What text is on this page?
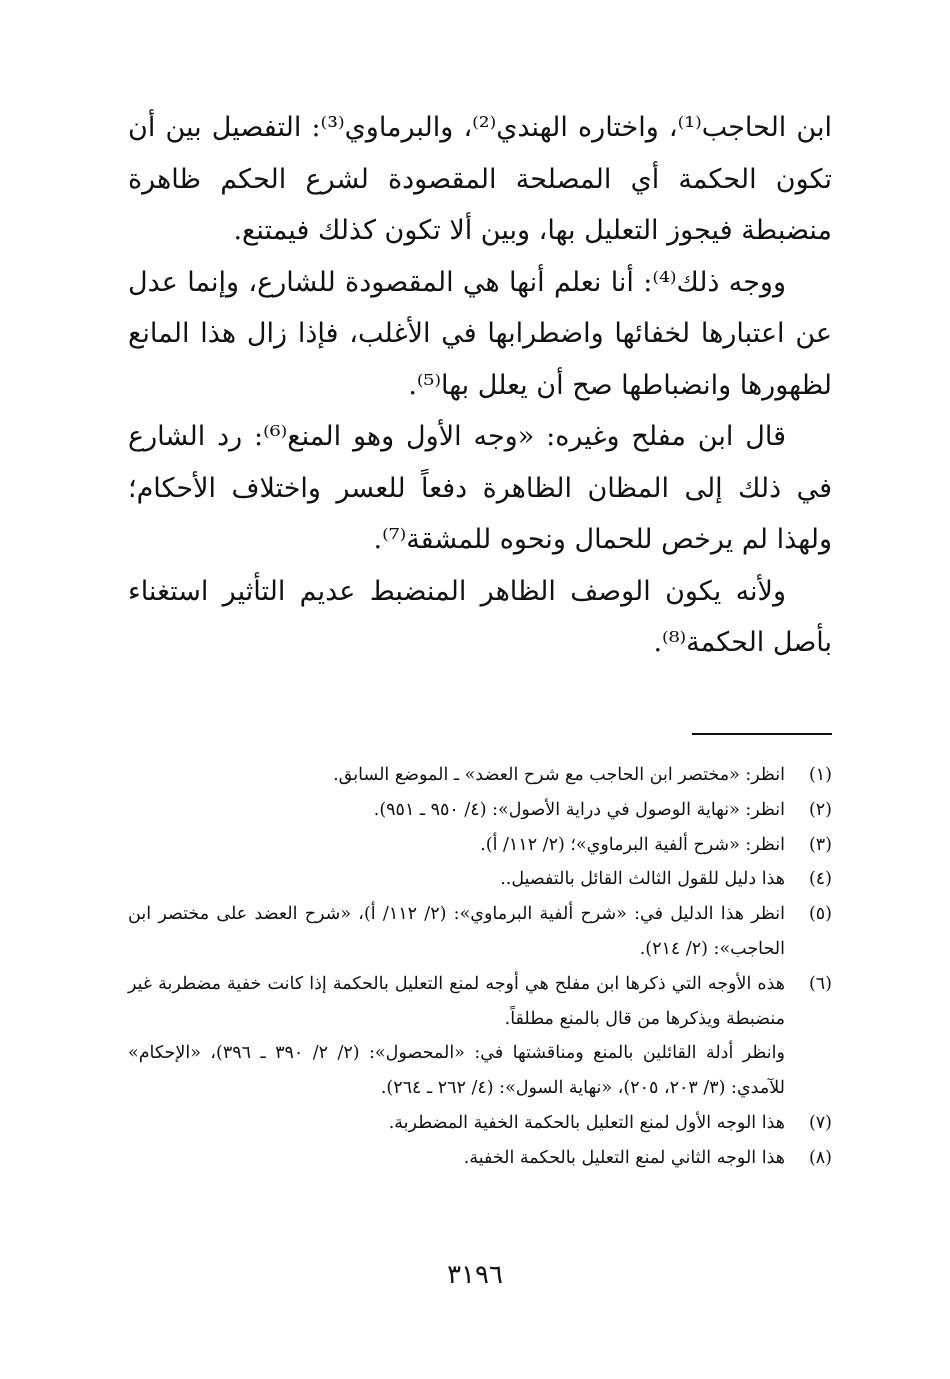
ابن الحاجب⁽¹⁾، واختاره الهندي⁽²⁾، والبرماوي⁽³⁾: التفصيل بين أن تكون الحكمة أي المصلحة المقصودة لشرع الحكم ظاهرة منضبطة فيجوز التعليل بها، وبين ألا تكون كذلك فيمتنع.

ووجه ذلك⁽⁴⁾: أنا نعلم أنها هي المقصودة للشارع، وإنما عدل عن اعتبارها لخفائها واضطرابها في الأغلب، فإذا زال هذا المانع لظهورها وانضباطها صح أن يعلل بها⁽⁵⁾.

قال ابن مفلح وغيره: «وجه الأول وهو المنع⁽⁶⁾: رد الشارع في ذلك إلى المظان الظاهرة دفعاً للعسر واختلاف الأحكام؛ ولهذا لم يرخص للحمال ونحوه للمشقة⁽⁷⁾.

ولأنه يكون الوصف الظاهر المنضبط عديم التأثير استغناء بأصل الحكمة⁽⁸⁾.

(١)
انظر: «مختصر ابن الحاجب مع شرح العضد» ـ الموضع السابق.
(٢)
انظر: «نهاية الوصول في دراية الأصول»: (٤/ ٩٥٠ ـ ٩٥١).
(٣)
انظر: «شرح ألفية البرماوي»؛ (٢/ ١١٢/ أ).
(٤)
هذا دليل للقول الثالث القائل بالتفصيل..
(٥)
انظر هذا الدليل في: «شرح ألفية البرماوي»: (٢/ ١١٢/ أ)، «شرح العضد على مختصر ابن الحاجب»: (٢/ ٢١٤).
(٦)
هذه الأوجه التي ذكرها ابن مفلح هي أوجه لمنع التعليل بالحكمة إذا كانت خفية مضطربة غير منضبطة ويذكرها من قال بالمنع مطلقاً.

وانظر أدلة القائلين بالمنع ومناقشتها في: «المحصول»: (٢/ ٢/ ٣٩٠ ـ ٣٩٦)، «الإحكام» للآمدي: (٣/ ٢٠٣، ٢٠٥)، «نهاية السول»: (٤/ ٢٦٢ ـ ٢٦٤).

(٧)
هذا الوجه الأول لمنع التعليل بالحكمة الخفية المضطربة.
(٨)
هذا الوجه الثاني لمنع التعليل بالحكمة الخفية.
٣١٩٦
